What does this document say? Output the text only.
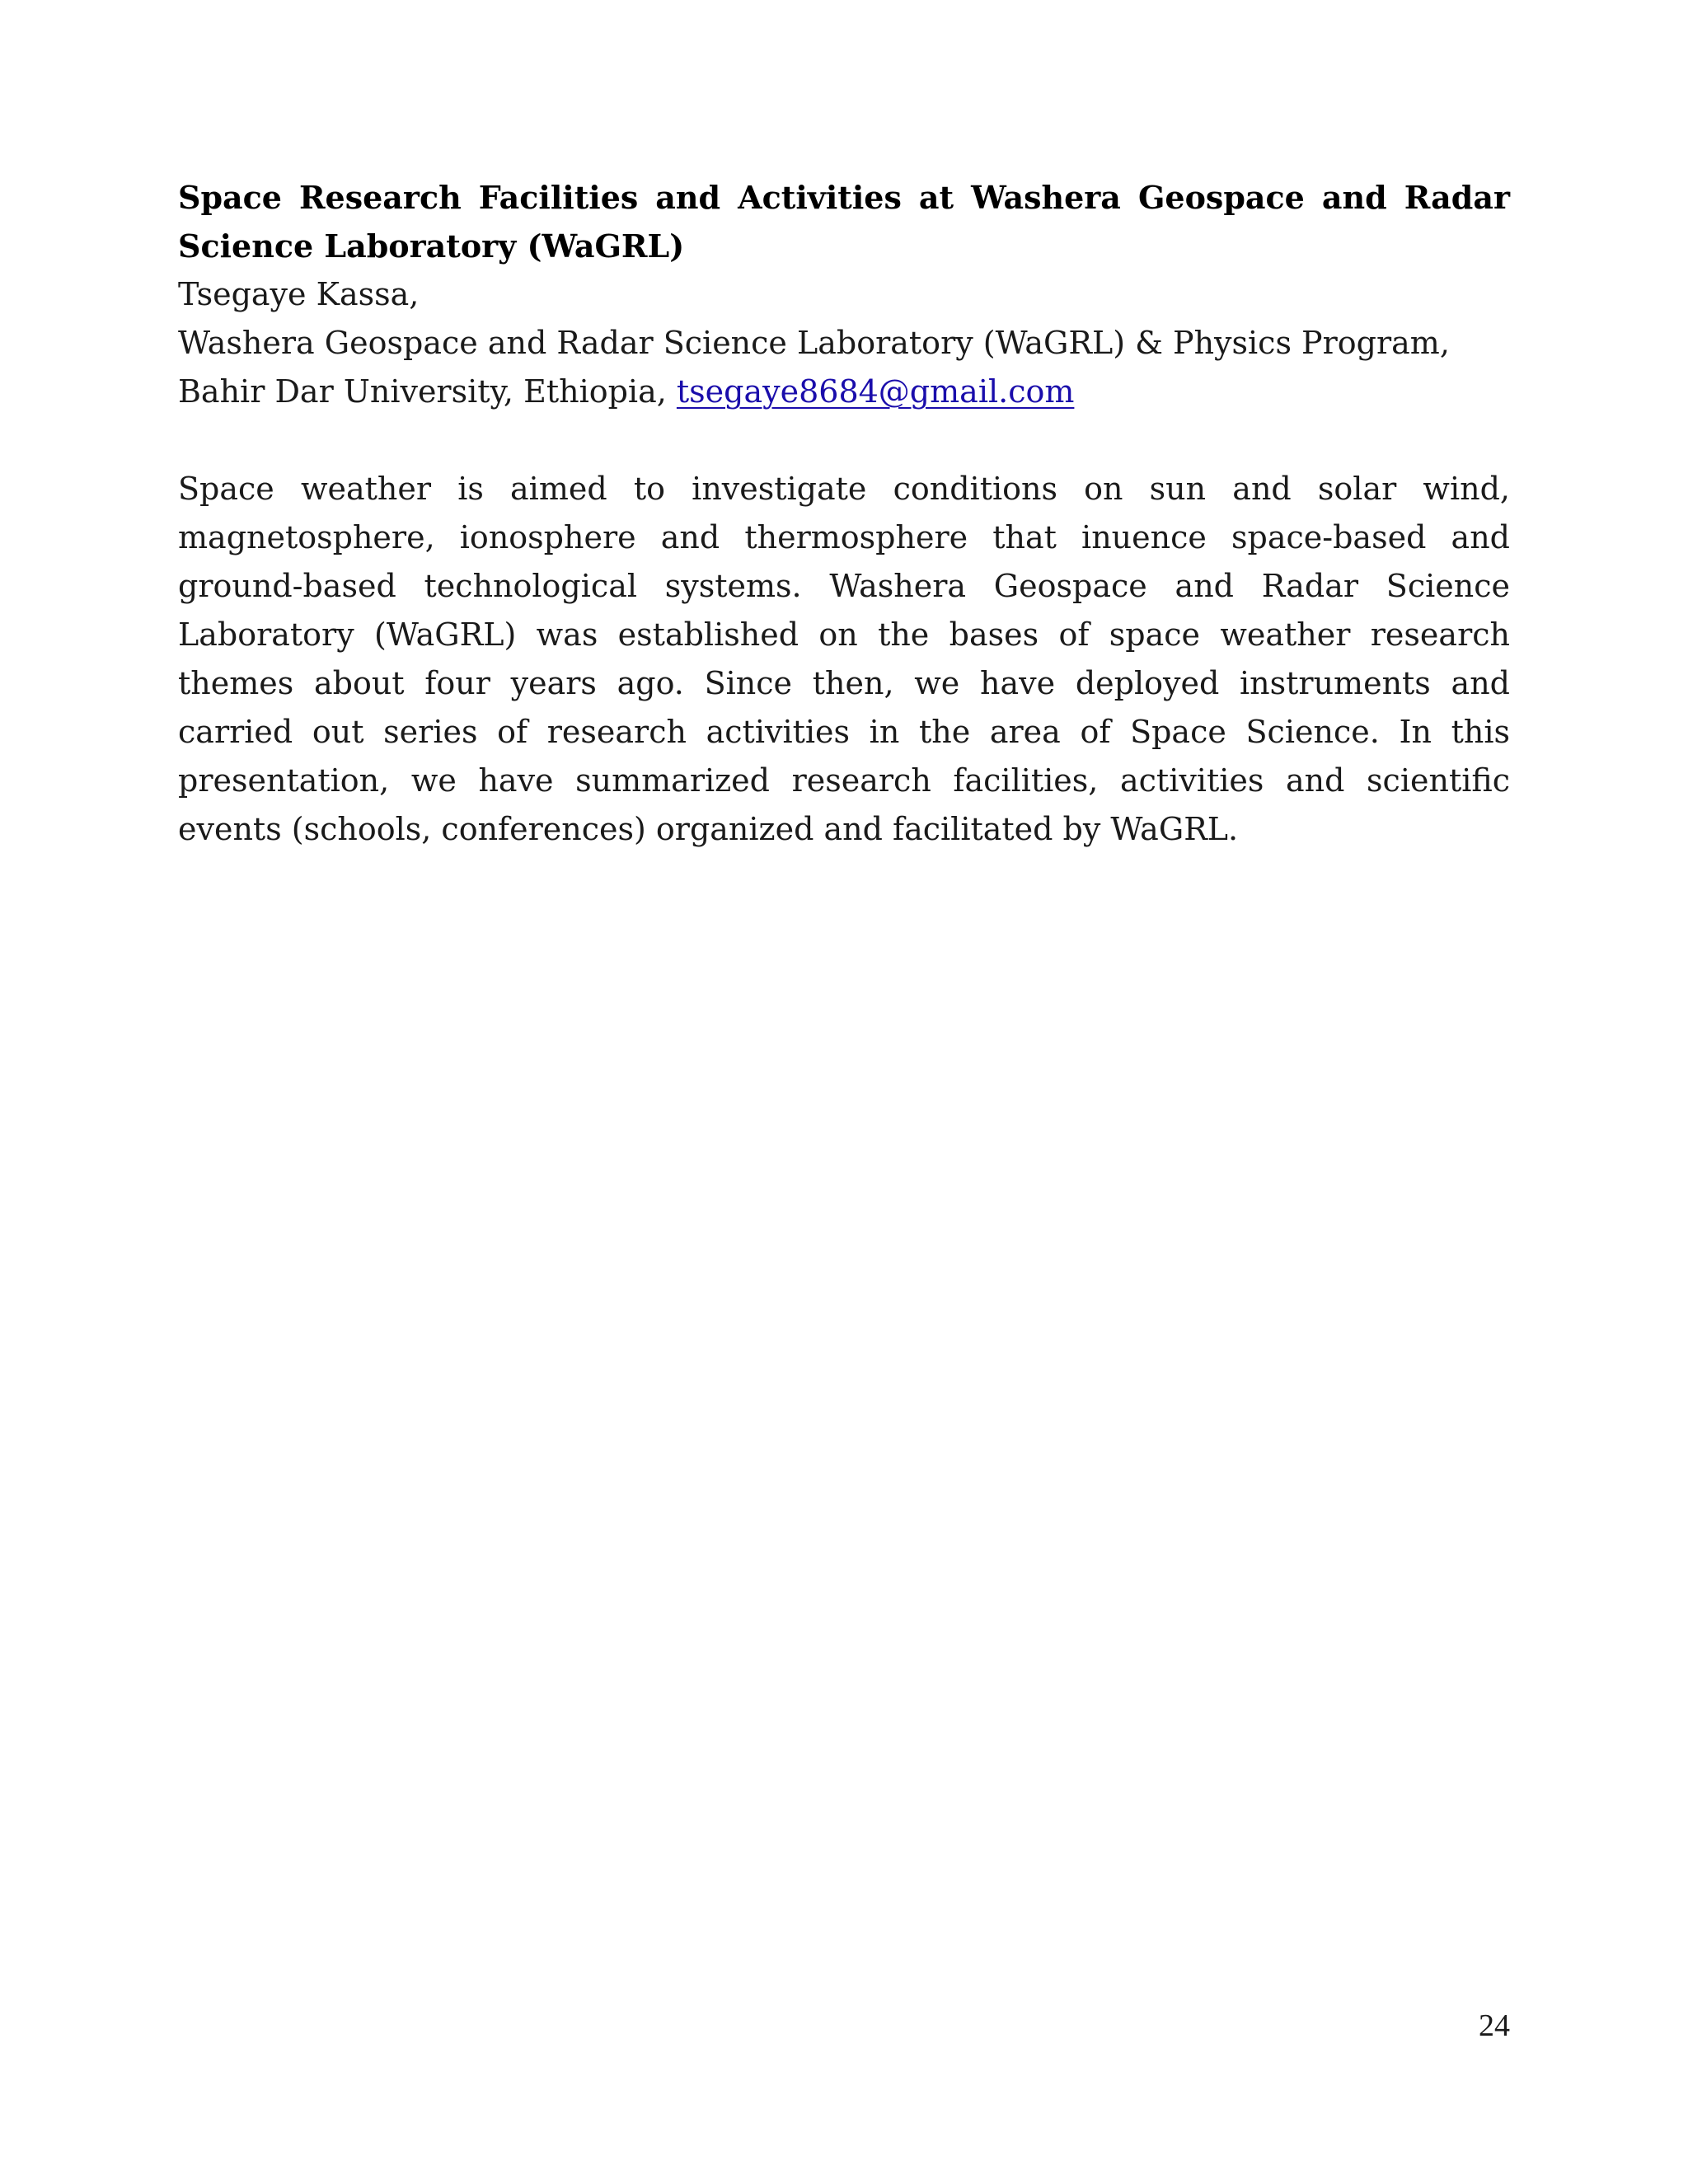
Space Research Facilities and Activities at Washera Geospace and Radar Science Laboratory (WaGRL)

Tsegaye Kassa,

Washera Geospace and Radar Science Laboratory (WaGRL) & Physics Program,

Bahir Dar University, Ethiopia, tsegaye8684@gmail.com

Space weather is aimed to investigate conditions on sun and solar wind, magnetosphere, ionosphere and thermosphere that inuence space-based and ground-based technological systems. Washera Geospace and Radar Science Laboratory (WaGRL) was established on the bases of space weather research themes about four years ago. Since then, we have deployed instruments and carried out series of research activities in the area of Space Science. In this presentation, we have summarized research facilities, activities and scientific events (schools, conferences) organized and facilitated by WaGRL.

24
